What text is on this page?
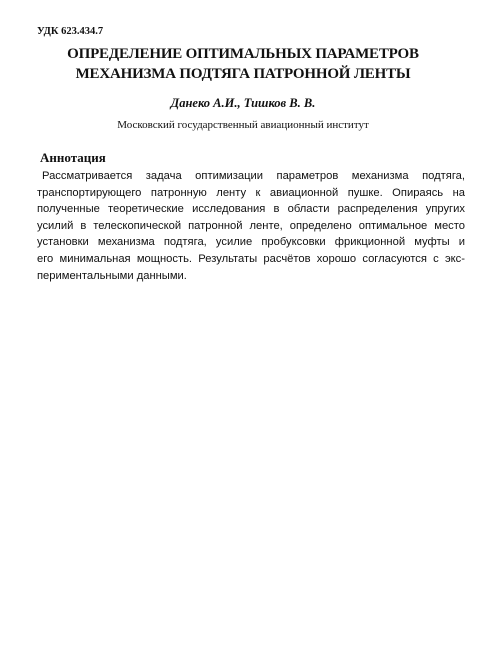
УДК 623.434.7
ОПРЕДЕЛЕНИЕ ОПТИМАЛЬНЫХ ПАРАМЕТРОВ
МЕХАНИЗМА ПОДТЯГА ПАТРОННОЙ ЛЕНТЫ
Данеко А.И., Тишков В. В.
Московский государственный авиационный институт
Аннотация
Рассматривается задача оптимизации параметров механизма подтяга,
транспортирующего патронную ленту к авиационной пушке. Опираясь на
полученные теоретические исследования в области распределения упругих
усилий в телескопической патронной ленте, определено оптимальное место
установки механизма подтяга, усилие пробуксовки фрикционной муфты и
его минимальная мощность. Результаты расчётов хорошо согласуются с экс-
периментальными данными.
